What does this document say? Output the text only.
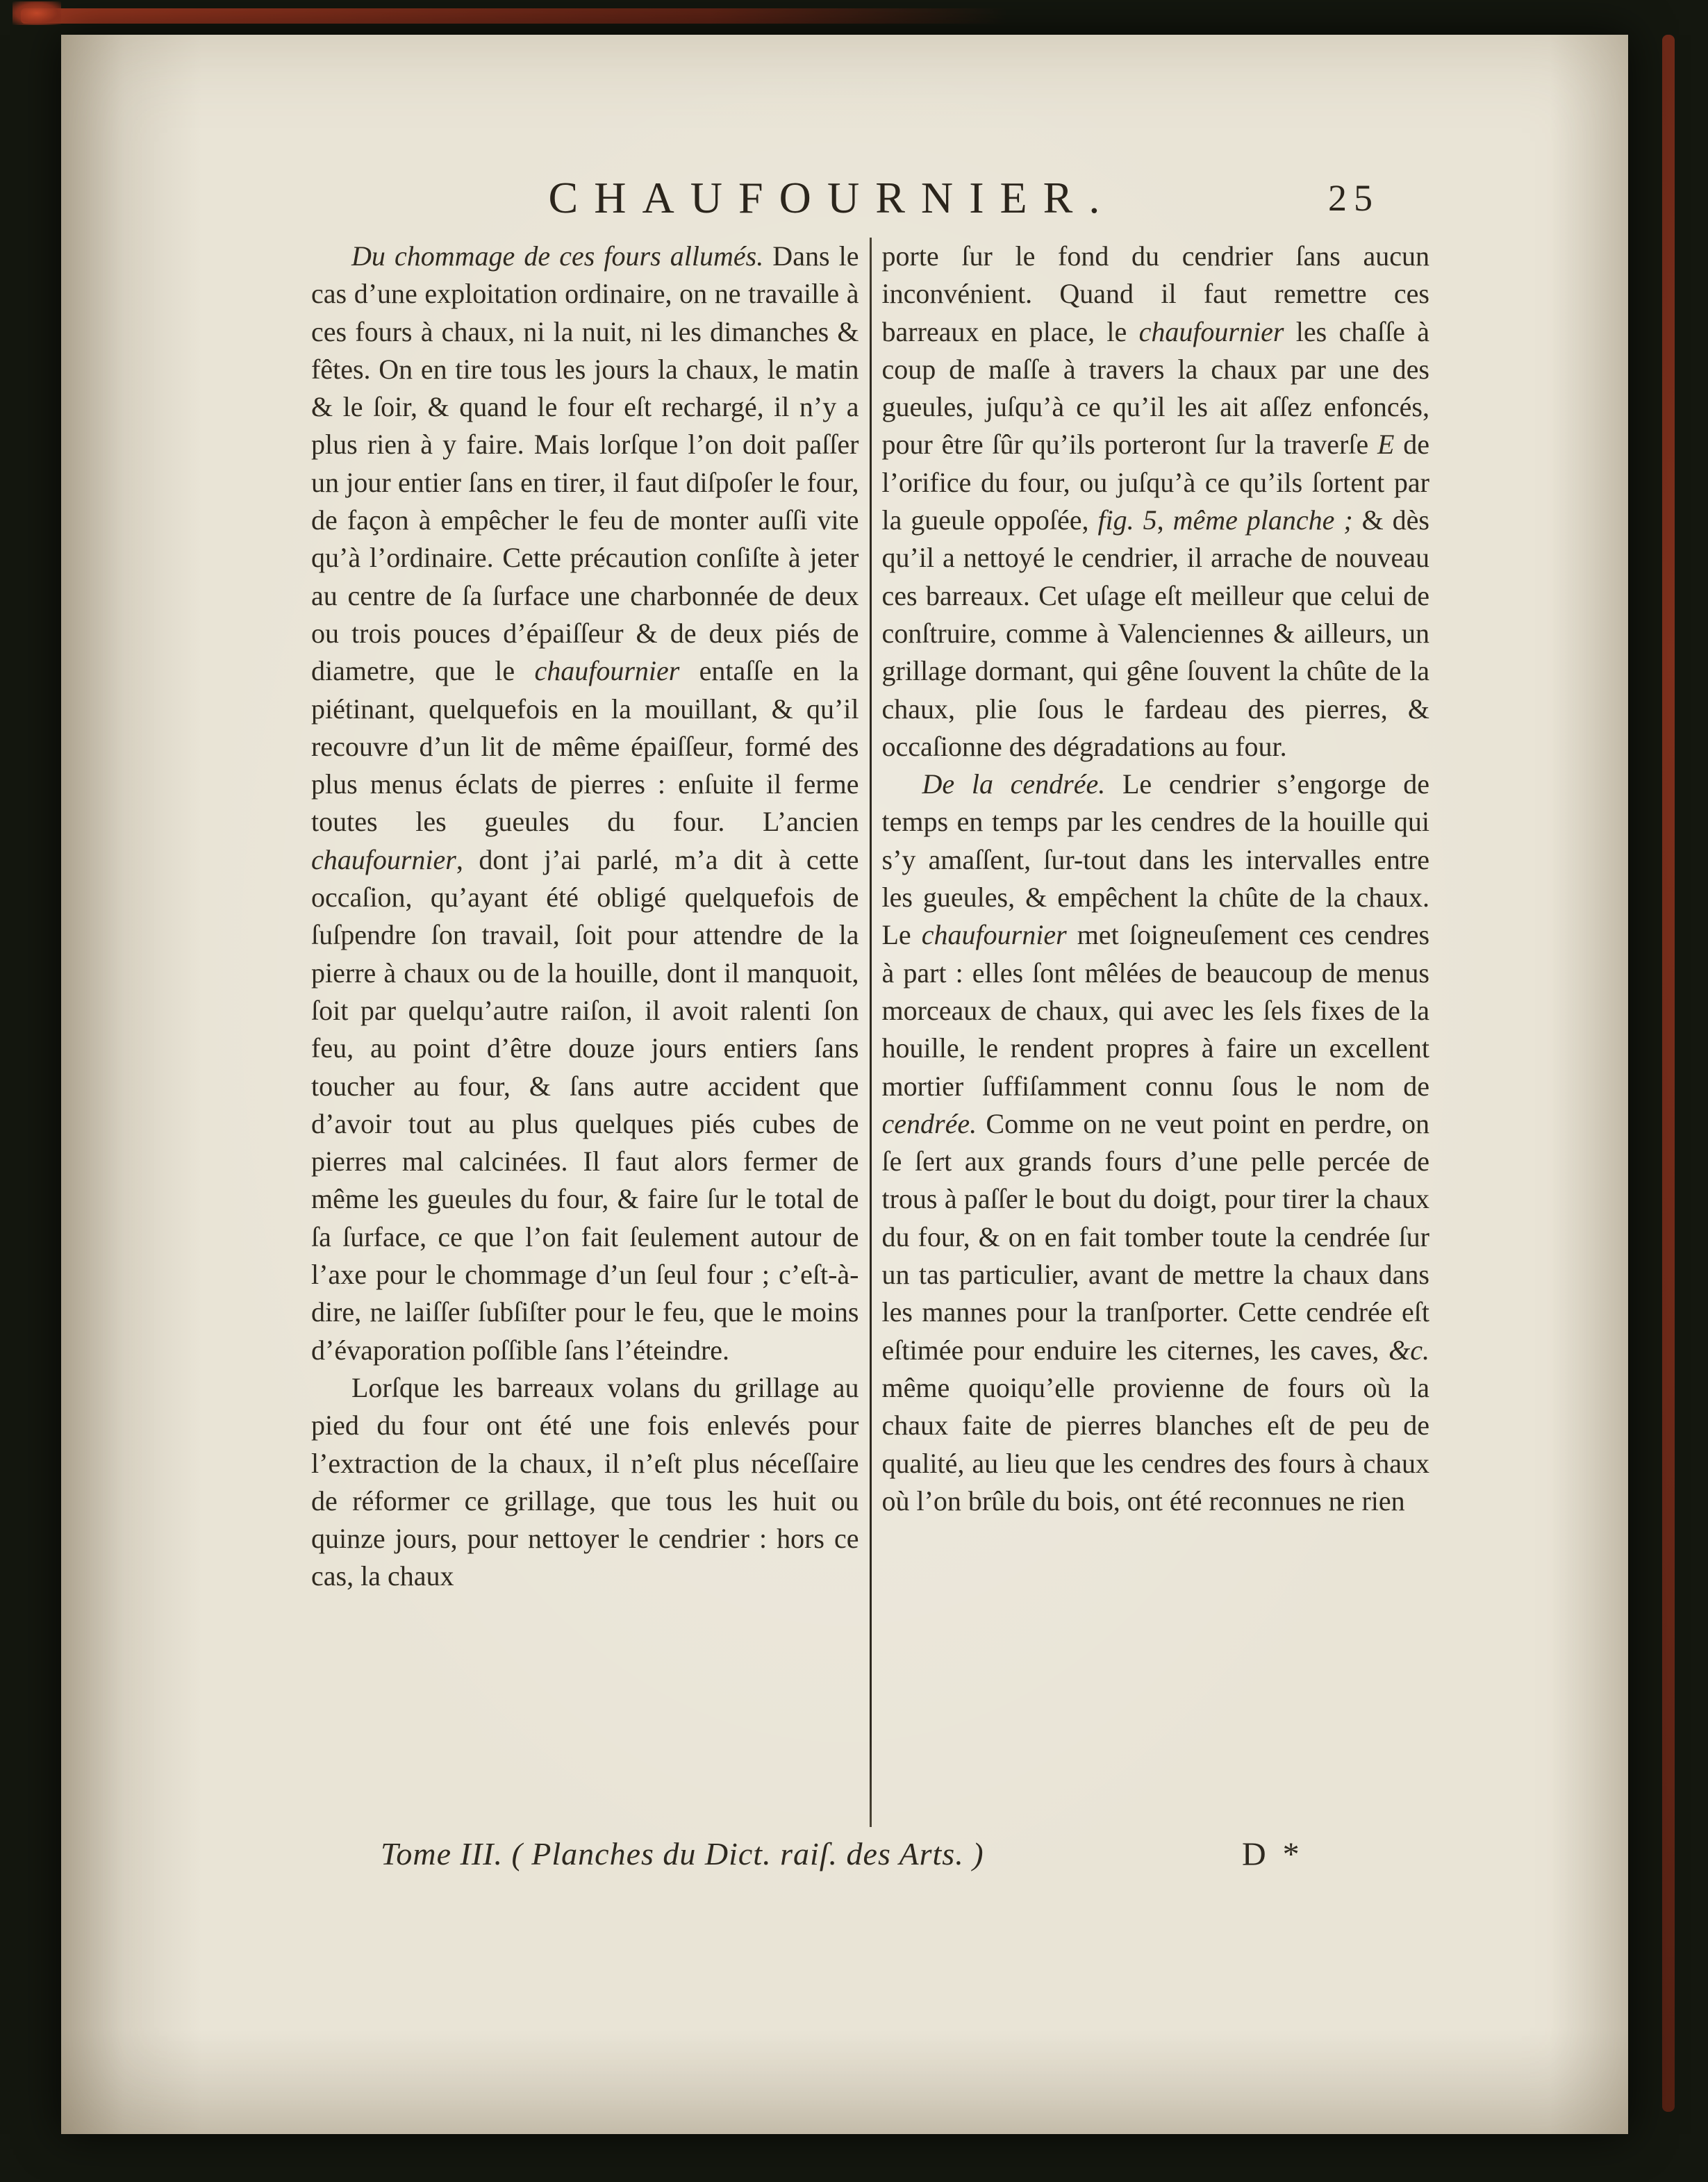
CHAUFOURNIER.	25

Du chommage de ces fours allumés. Dans le cas d’une exploitation ordinaire, on ne travaille à ces fours à chaux, ni la nuit, ni les dimanches & fêtes. On en tire tous les jours la chaux, le matin & le ſoir, & quand le four eſt rechargé, il n’y a plus rien à y faire. Mais lorſque l’on doit paſſer un jour entier ſans en tirer, il faut diſpoſer le four, de façon à empêcher le feu de monter auſſi vite qu’à l’ordinaire. Cette précaution conſiſte à jeter au centre de ſa ſurface une charbonnée de deux ou trois pouces d’épaiſſeur & de deux piés de diametre, que le chaufournier entaſſe en la piétinant, quelquefois en la mouillant, & qu’il recouvre d’un lit de même épaiſſeur, formé des plus menus éclats de pierres : enſuite il ferme toutes les gueules du four. L’ancien chaufournier, dont j’ai parlé, m’a dit à cette occaſion, qu’ayant été obligé quelquefois de ſuſpendre ſon travail, ſoit pour attendre de la pierre à chaux ou de la houille, dont il manquoit, ſoit par quelqu’autre raiſon, il avoit ralenti ſon feu, au point d’être douze jours entiers ſans toucher au four, & ſans autre accident que d’avoir tout au plus quelques piés cubes de pierres mal calcinées. Il faut alors fermer de même les gueules du four, & faire ſur le total de ſa ſurface, ce que l’on fait ſeulement autour de l’axe pour le chommage d’un ſeul four ; c’eſt-à-dire, ne laiſſer ſubſiſter pour le feu, que le moins d’évaporation poſſible ſans l’éteindre.

Lorſque les barreaux volans du grillage au pied du four ont été une fois enlevés pour l’extraction de la chaux, il n’eſt plus néceſſaire de réformer ce grillage, que tous les huit ou quinze jours, pour nettoyer le cendrier : hors ce cas, la chaux

porte ſur le fond du cendrier ſans aucun inconvénient. Quand il faut remettre ces barreaux en place, le chaufournier les chaſſe à coup de maſſe à travers la chaux par une des gueules, juſqu’à ce qu’il les ait aſſez enfoncés, pour être ſûr qu’ils porteront ſur la traverſe E de l’orifice du four, ou juſqu’à ce qu’ils ſortent par la gueule oppoſée, fig. 5, même planche ; & dès qu’il a nettoyé le cendrier, il arrache de nouveau ces barreaux. Cet uſage eſt meilleur que celui de conſtruire, comme à Valenciennes & ailleurs, un grillage dormant, qui gêne ſouvent la chûte de la chaux, plie ſous le fardeau des pierres, & occaſionne des dégradations au four.

De la cendrée. Le cendrier s’engorge de temps en temps par les cendres de la houille qui s’y amaſſent, ſur-tout dans les intervalles entre les gueules, & empêchent la chûte de la chaux. Le chaufournier met ſoigneuſement ces cendres à part : elles ſont mêlées de beaucoup de menus morceaux de chaux, qui avec les ſels fixes de la houille, le rendent propres à faire un excellent mortier ſuffiſamment connu ſous le nom de cendrée. Comme on ne veut point en perdre, on ſe ſert aux grands fours d’une pelle percée de trous à paſſer le bout du doigt, pour tirer la chaux du four, & on en fait tomber toute la cendrée ſur un tas particulier, avant de mettre la chaux dans les mannes pour la tranſporter. Cette cendrée eſt eſtimée pour enduire les citernes, les caves, &c. même quoiqu’elle provienne de fours où la chaux faite de pierres blanches eſt de peu de qualité, au lieu que les cendres des fours à chaux où l’on brûle du bois, ont été reconnues ne rien

Tome III. ( Planches du Dict. raiſ. des Arts. )	D *
